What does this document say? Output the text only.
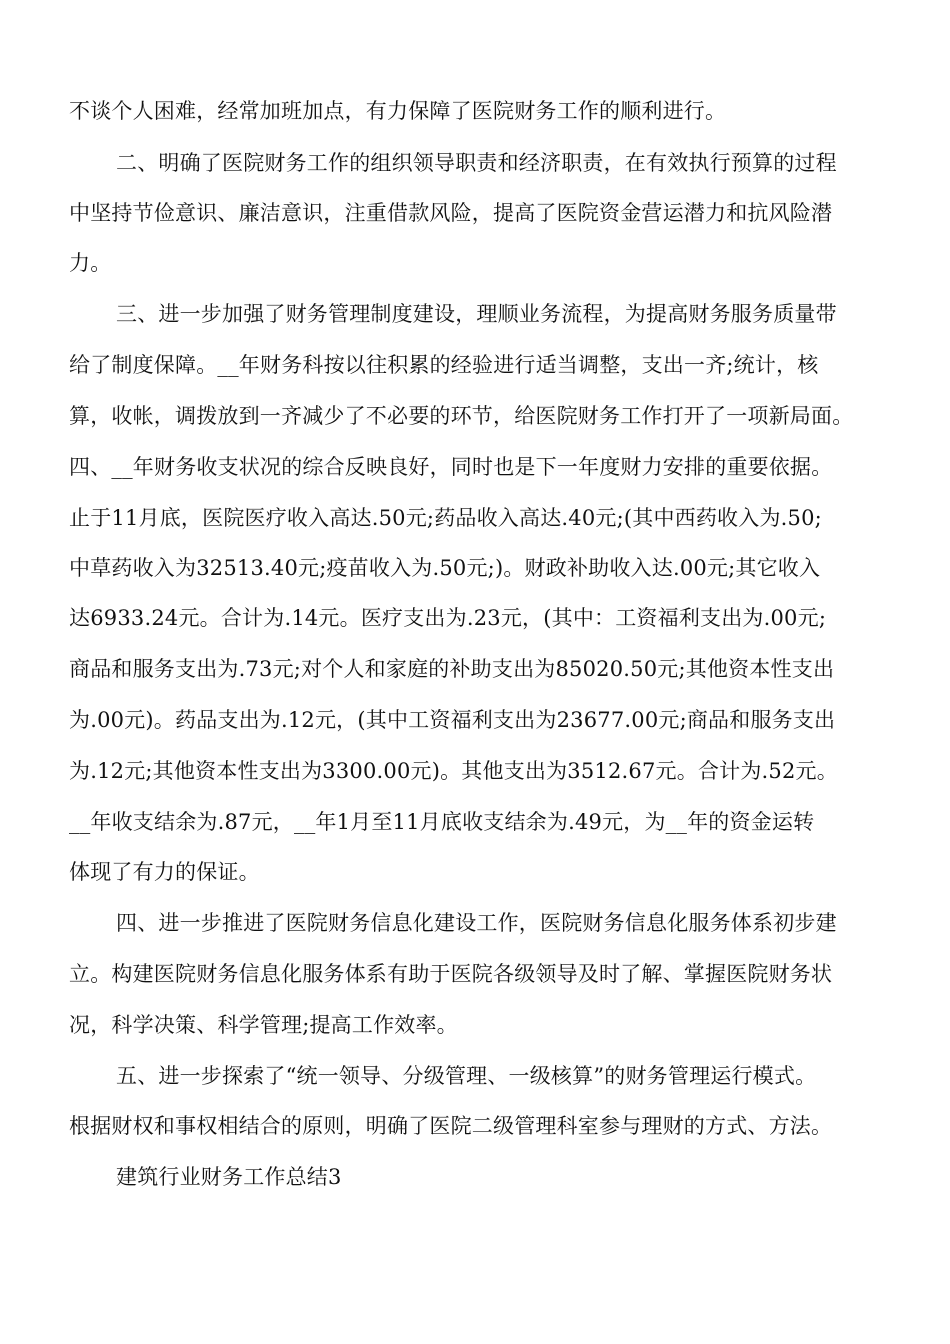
不谈个人困难，经常加班加点，有力保障了医院财务工作的顺利进行。
二、明确了医院财务工作的组织领导职责和经济职责，在有效执行预算的过程
中坚持节俭意识、廉洁意识，注重借款风险，提高了医院资金营运潜力和抗风险潜
力。
三、进一步加强了财务管理制度建设，理顺业务流程，为提高财务服务质量带
给了制度保障。__年财务科按以往积累的经验进行适当调整，支出一齐;统计，核
算，收帐，调拨放到一齐减少了不必要的环节，给医院财务工作打开了一项新局面。
四、__年财务收支状况的综合反映良好，同时也是下一年度财力安排的重要依据。
止于11月底，医院医疗收入高达.50元;药品收入高达.40元;(其中西药收入为.50;
中草药收入为32513.40元;疫苗收入为.50元;)。财政补助收入达.00元;其它收入
达6933.24元。合计为.14元。医疗支出为.23元，(其中：工资福利支出为.00元;
商品和服务支出为.73元;对个人和家庭的补助支出为85020.50元;其他资本性支出
为.00元)。药品支出为.12元，(其中工资福利支出为23677.00元;商品和服务支出
为.12元;其他资本性支出为3300.00元)。其他支出为3512.67元。合计为.52元。
__年收支结余为.87元，__年1月至11月底收支结余为.49元，为__年的资金运转
体现了有力的保证。
四、进一步推进了医院财务信息化建设工作，医院财务信息化服务体系初步建
立。构建医院财务信息化服务体系有助于医院各级领导及时了解、掌握医院财务状
况，科学决策、科学管理;提高工作效率。
五、进一步探索了“统一领导、分级管理、一级核算”的财务管理运行模式。
根据财权和事权相结合的原则，明确了医院二级管理科室参与理财的方式、方法。
建筑行业财务工作总结3
